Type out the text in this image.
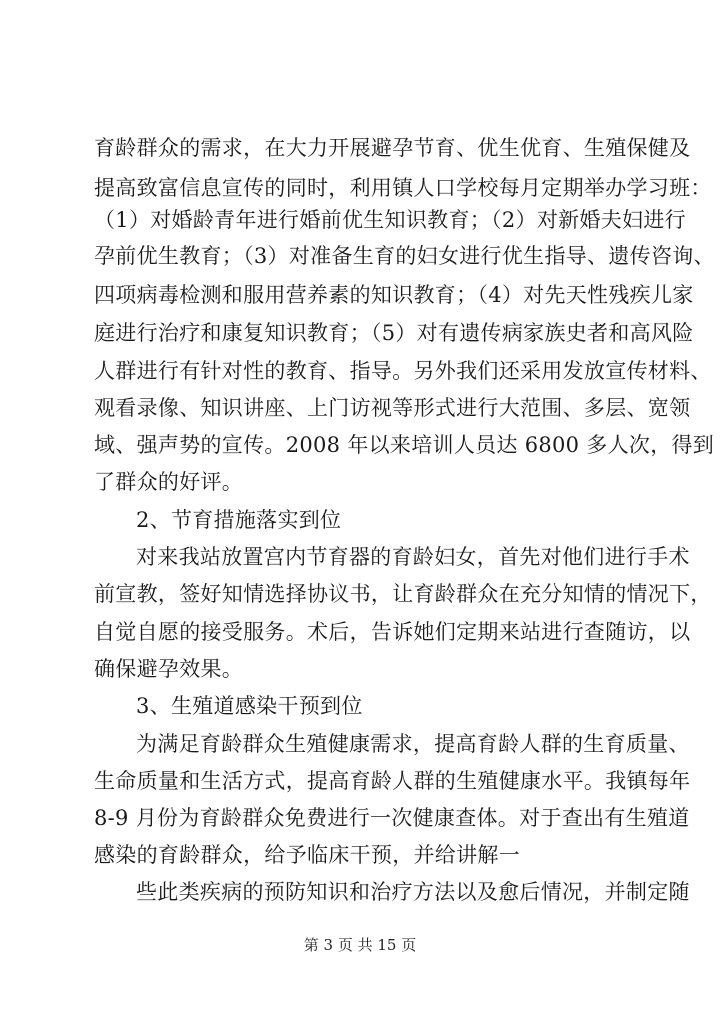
育龄群众的需求，在大力开展避孕节育、优生优育、生殖保健及
提高致富信息宣传的同时，利用镇人口学校每月定期举办学习班：
（1）对婚龄青年进行婚前优生知识教育；（2）对新婚夫妇进行
孕前优生教育；（3）对准备生育的妇女进行优生指导、遗传咨询、
四项病毒检测和服用营养素的知识教育；（4）对先天性残疾儿家
庭进行治疗和康复知识教育；（5）对有遗传病家族史者和高风险
人群进行有针对性的教育、指导。另外我们还采用发放宣传材料、
观看录像、知识讲座、上门访视等形式进行大范围、多层、宽领
域、强声势的宣传。2008 年以来培训人员达 6800 多人次，得到
了群众的好评。
2、节育措施落实到位
对来我站放置宫内节育器的育龄妇女，首先对他们进行手术
前宣教，签好知情选择协议书，让育龄群众在充分知情的情况下，
自觉自愿的接受服务。术后，告诉她们定期来站进行查随访，以
确保避孕效果。
3、生殖道感染干预到位
为满足育龄群众生殖健康需求，提高育龄人群的生育质量、
生命质量和生活方式，提高育龄人群的生殖健康水平。我镇每年
8-9 月份为育龄群众免费进行一次健康查体。对于查出有生殖道
感染的育龄群众，给予临床干预，并给讲解一
些此类疾病的预防知识和治疗方法以及愈后情况，并制定随
第 3 页 共 15 页
